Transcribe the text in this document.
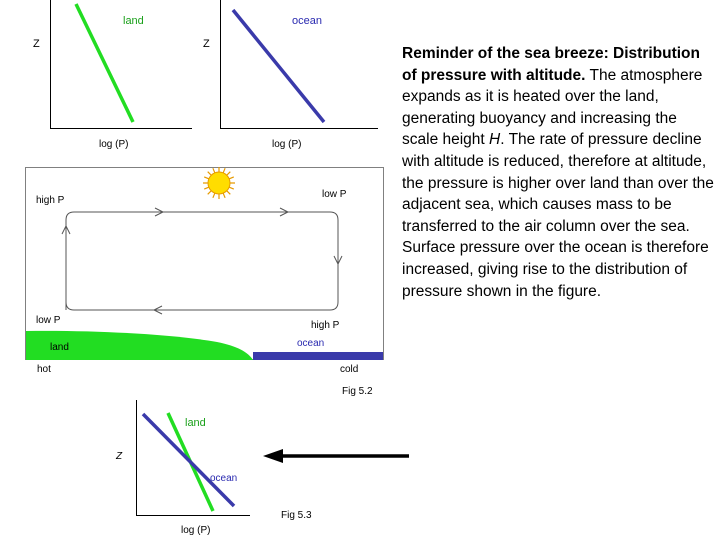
Z
land
log (P)
Z
ocean
log (P)
high P
low P
low P	high P
land	ocean
hot	cold
Fig 5.2
Z
land
ocean
log (P)
Fig 5.3
Reminder of the sea breeze: Distribution of pressure with altitude. The atmosphere expands as it is heated over the land, generating buoyancy and increasing the scale height H. The rate of pressure decline with altitude is reduced, therefore at altitude, the pressure is higher over land than over the adjacent sea, which causes mass to be transferred to the air column over the sea. Surface pressure over the ocean is therefore increased, giving rise to the distribution of pressure shown in the figure.
